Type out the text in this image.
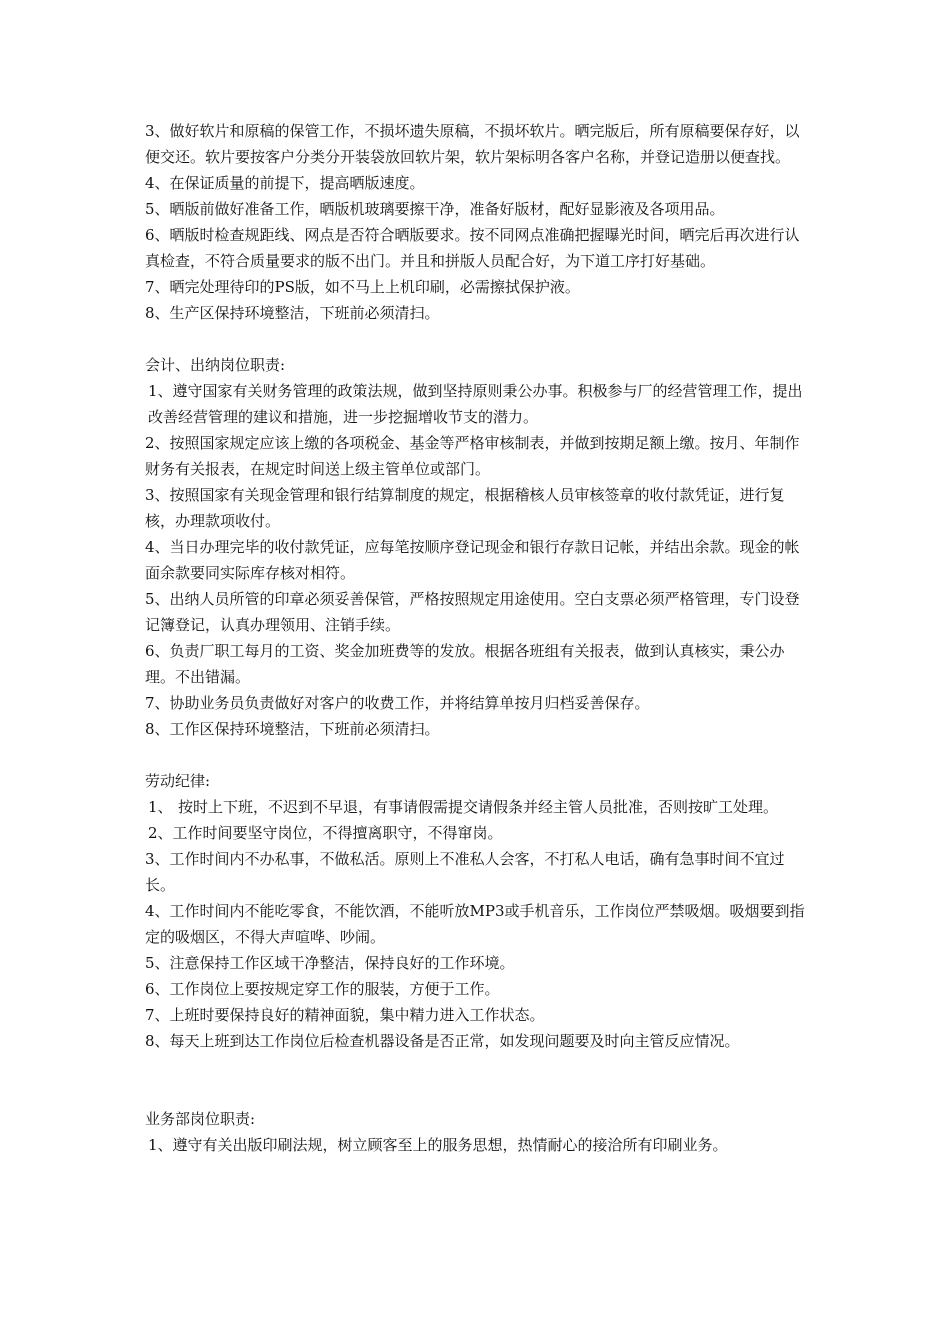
3、做好软片和原稿的保管工作，不损坏遗失原稿，不损坏软片。晒完版后，所有原稿要保存好，以便交还。软片要按客户分类分开装袋放回软片架，软片架标明各客户名称，并登记造册以便查找。

4、在保证质量的前提下，提高晒版速度。

5、晒版前做好准备工作，晒版机玻璃要擦干净，准备好版材，配好显影液及各项用品。

6、晒版时检查规距线、网点是否符合晒版要求。按不同网点准确把握曝光时间，晒完后再次进行认真检查，不符合质量要求的版不出门。并且和拼版人员配合好，为下道工序打好基础。

7、晒完处理待印的PS版，如不马上上机印刷，必需擦拭保护液。

8、生产区保持环境整洁，下班前必须清扫。

会计、出纳岗位职责:

1、遵守国家有关财务管理的政策法规，做到坚持原则秉公办事。积极参与厂的经营管理工作，提出改善经营管理的建议和措施，进一步挖掘增收节支的潜力。

2、按照国家规定应该上缴的各项税金、基金等严格审核制表，并做到按期足额上缴。按月、年制作财务有关报表，在规定时间送上级主管单位或部门。

3、按照国家有关现金管理和银行结算制度的规定，根据稽核人员审核签章的收付款凭证，进行复核，办理款项收付。

4、当日办理完毕的收付款凭证，应每笔按顺序登记现金和银行存款日记帐，并结出余款。现金的帐面余款要同实际库存核对相符。

5、出纳人员所管的印章必须妥善保管，严格按照规定用途使用。空白支票必须严格管理，专门设登记簿登记，认真办理领用、注销手续。

6、负责厂职工每月的工资、奖金加班费等的发放。根据各班组有关报表，做到认真核实，秉公办理。不出错漏。

7、协助业务员负责做好对客户的收费工作，并将结算单按月归档妥善保存。

8、工作区保持环境整洁，下班前必须清扫。

劳动纪律:

1、 按时上下班，不迟到不早退，有事请假需提交请假条并经主管人员批准，否则按旷工处理。

2、工作时间要坚守岗位，不得擅离职守，不得窜岗。

3、工作时间内不办私事，不做私活。原则上不准私人会客，不打私人电话，确有急事时间不宜过长。

4、工作时间内不能吃零食，不能饮酒，不能听放MP3或手机音乐，工作岗位严禁吸烟。吸烟要到指定的吸烟区，不得大声喧哗、吵闹。

5、注意保持工作区域干净整洁，保持良好的工作环境。

6、工作岗位上要按规定穿工作的服装，方便于工作。

7、上班时要保持良好的精神面貌，集中精力进入工作状态。

8、每天上班到达工作岗位后检查机器设备是否正常，如发现问题要及时向主管反应情况。

业务部岗位职责:

1、遵守有关出版印刷法规，树立顾客至上的服务思想，热情耐心的接洽所有印刷业务。
